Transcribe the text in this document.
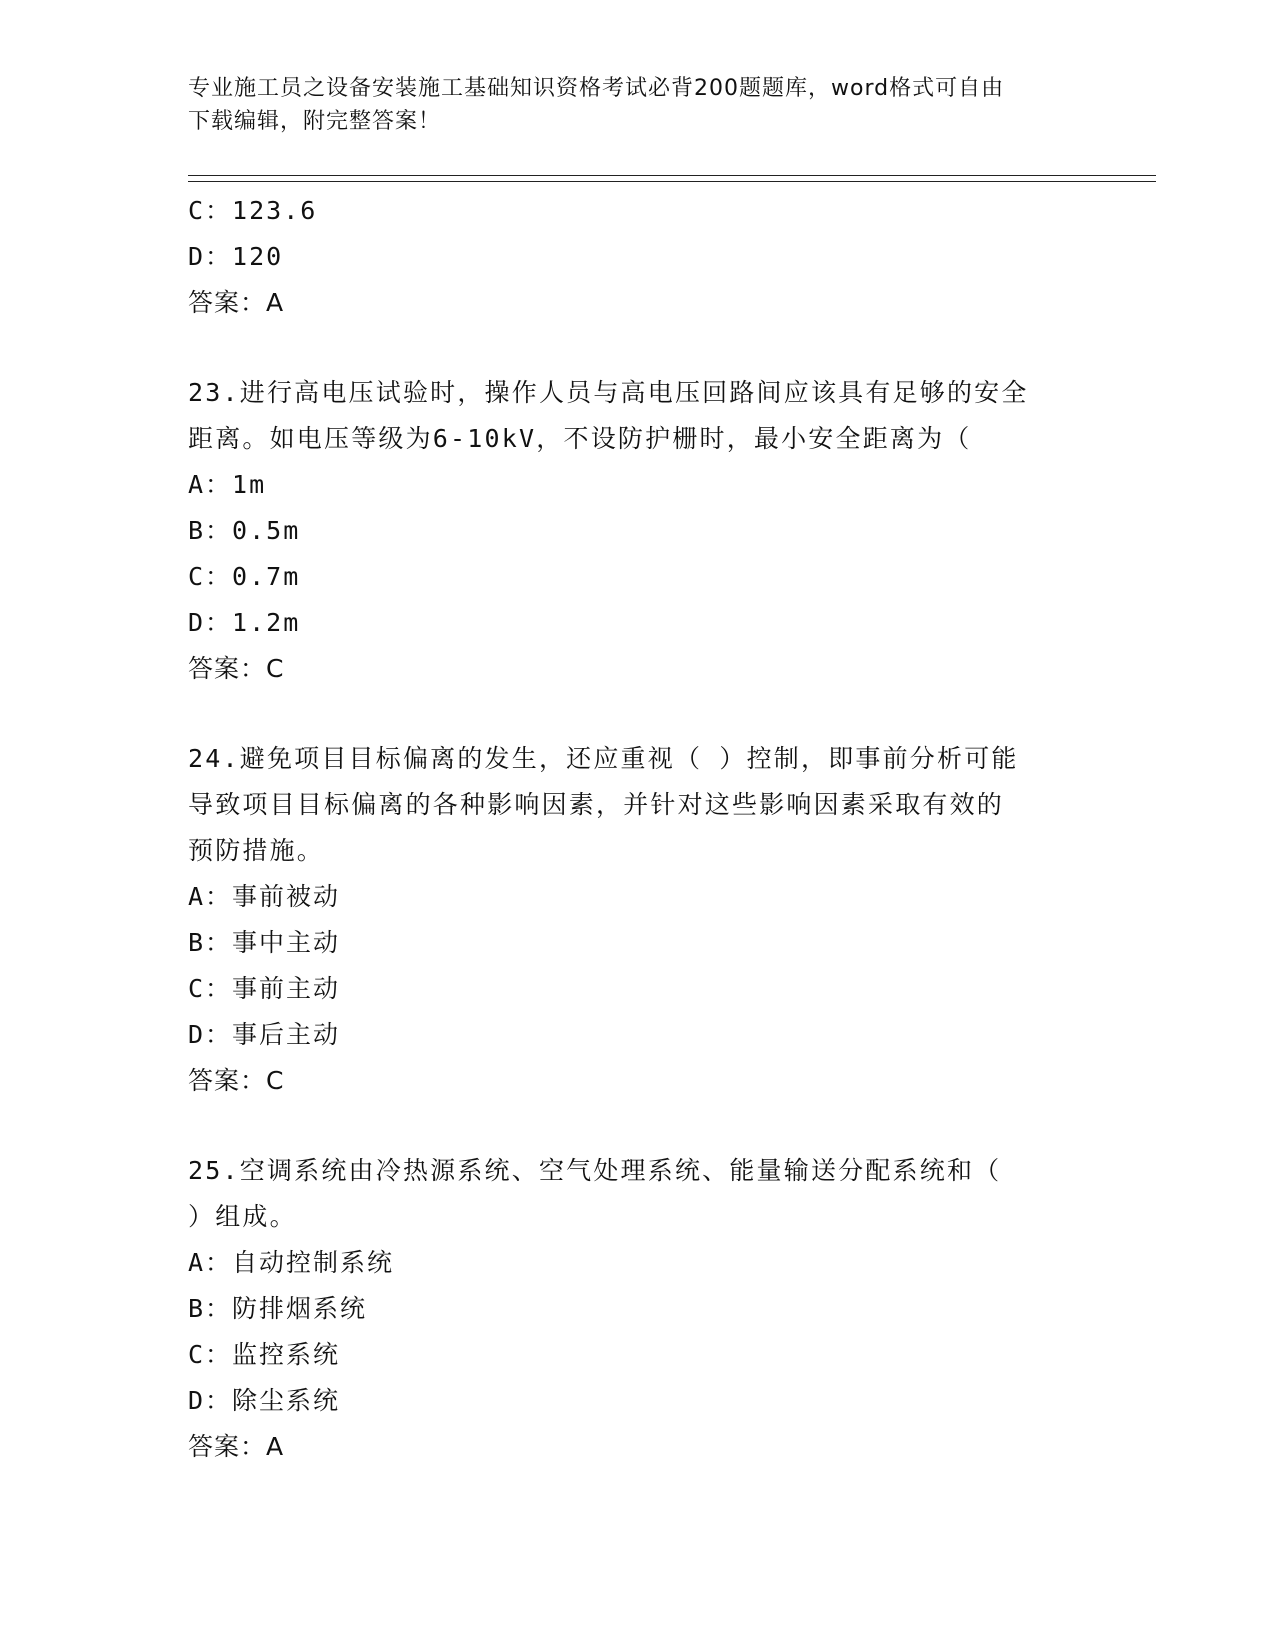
专业施工员之设备安装施工基础知识资格考试必背200题题库，word格式可自由
下载编辑，附完整答案！
C：123.6
D：120
答案：A
23.进行高电压试验时，操作人员与高电压回路间应该具有足够的安全
距离。如电压等级为6-10kV，不设防护栅时，最小安全距离为（
A：1m
B：0.5m
C：0.7m
D：1.2m
答案：C
24.避免项目目标偏离的发生，还应重视（ ）控制，即事前分析可能
导致项目目标偏离的各种影响因素，并针对这些影响因素采取有效的
预防措施。
A：事前被动
B：事中主动
C：事前主动
D：事后主动
答案：C
25.空调系统由冷热源系统、空气处理系统、能量输送分配系统和（
）组成。
A：自动控制系统
B：防排烟系统
C：监控系统
D：除尘系统
答案：A
